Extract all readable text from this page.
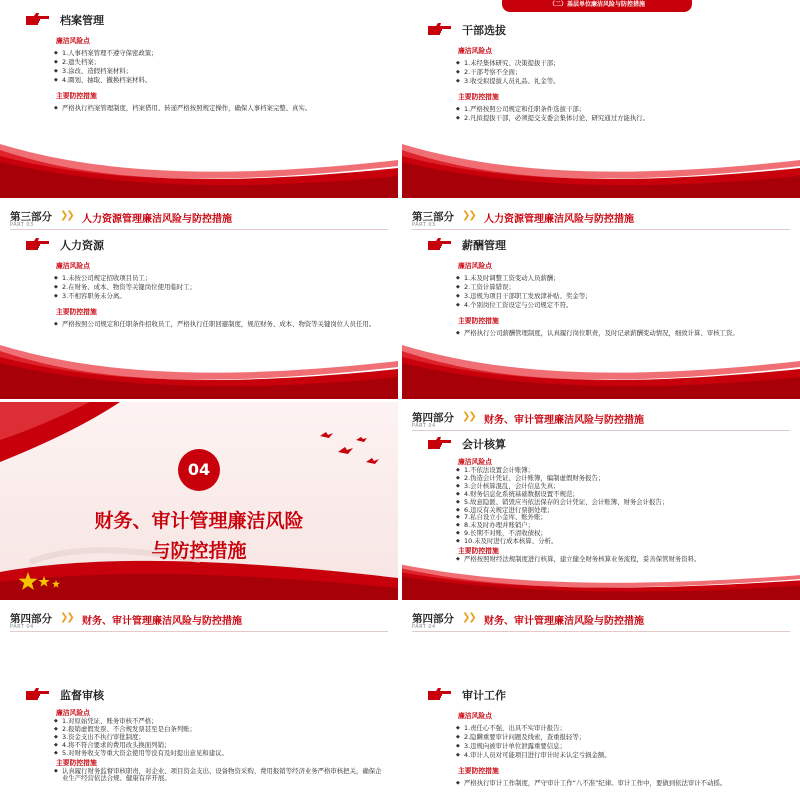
档案管理
廉洁风险点
◆ 1.人事档案管理不遵守保密政策；
◆ 2.遗失档案；
◆ 3.涂改、造假档案材料；
◆ 4.圈划、抽取、撤换档案材料。
主要防控措施
◆ 严格执行档案管理制度，档案借用、转递严格按照规定操作，确保人事档案完整、真实。
（二）基层单位廉洁风险与防控措施
干部选拔
廉洁风险点
◆ 1.未经集体研究、决策提拔干部；
◆ 2.干部考察不全面；
◆ 3.收受拟提拔人员礼品、礼金等。
主要防控措施
◆ 1.严格按照公司规定和任职条件选拔干部；
◆ 2.凡拟提拔干部，必须提交支委会集体讨论、研究通过方能执行。
第三部分
PART 03
❯❯ 人力资源管理廉洁风险与防控措施
人力资源
廉洁风险点
◆ 1.未按公司规定招收项目员工；
◆ 2.在财务、成本、物资等关键岗位使用临时工；
◆ 3.不相容职务未分离。
主要防控措施
◆ 严格按照公司规定和任职条件招收员工，严格执行任职回避制度，规范财务、成本、物资等关键岗位人员任用。
第三部分
PART 03
❯❯ 人力资源管理廉洁风险与防控措施
薪酬管理
廉洁风险点
◆ 1.未及时调整工资变动人员薪酬；
◆ 2.工资计算错误；
◆ 3.违规为项目干部职工发放津补贴、奖金等；
◆ 4.个别岗位工资设定与公司规定不符。
主要防控措施
◆ 严格执行公司薪酬管理制度，认真履行岗位职责，及时记录薪酬变动情况，细致计算、审核工资。
04
财务、审计管理廉洁风险
与防控措施
第四部分
PART 04
❯❯ 财务、审计管理廉洁风险与防控措施
会计核算
廉洁风险点
◆ 1.不依法设置会计账簿；
◆ 2.伪造会计凭证、会计账簿，编制虚假财务报告；
◆ 3.会计核算混乱，会计信息失真；
◆ 4.财务信息化系统基础数据设置不规范；
◆ 5.故意隐匿、销毁应当依法保存的会计凭证、会计账簿、财务会计报告；
◆ 6.违反有关规定进行票据处理；
◆ 7.私自设立小金库、账外账；
◆ 8.未及时办理并账销户；
◆ 9.长期不对账，不清收债权；
◆ 10.未及时进行成本核算、分析。
主要防控措施
◆ 严格按照财经法规制度进行核算，建立健全财务核算业务流程，妥善保管财务资料。
第四部分
PART 04
❯❯ 财务、审计管理廉洁风险与防控措施
监督审核
廉洁风险点
◆ 1.对原始凭证、账务审核不严格；
◆ 2.报销虚假发票、不合规发票甚至是白条列账；
◆ 3.资金支出不执行审批制度；
◆ 4.将不符合要求的费用改头换面列销；
◆ 5.对财务收支等重大资金使用等没有及时提出意见和建议。
主要防控措施
◆ 认真履行财务监督审核职责，对企业、项目资金支出、设备物资采购、费用报销等经济业务严格审核把关，确保企业生产经营依法合规、健康有序开展。
第四部分
PART 04
❯❯ 财务、审计管理廉洁风险与防控措施
审计工作
廉洁风险点
◆ 1.责任心不强，出具不实审计报告；
◆ 2.隐瞒重要审计问题及线索，查重报轻等；
◆ 3.违规向被审计单位泄露重要信息；
◆ 4.审计人员对可能项目进行审计时未认定亏损金额。
主要防控措施
◆ 严格执行审计工作制度，严守审计工作“八不准”纪律。审计工作中，要做到依法审计不动摇。
